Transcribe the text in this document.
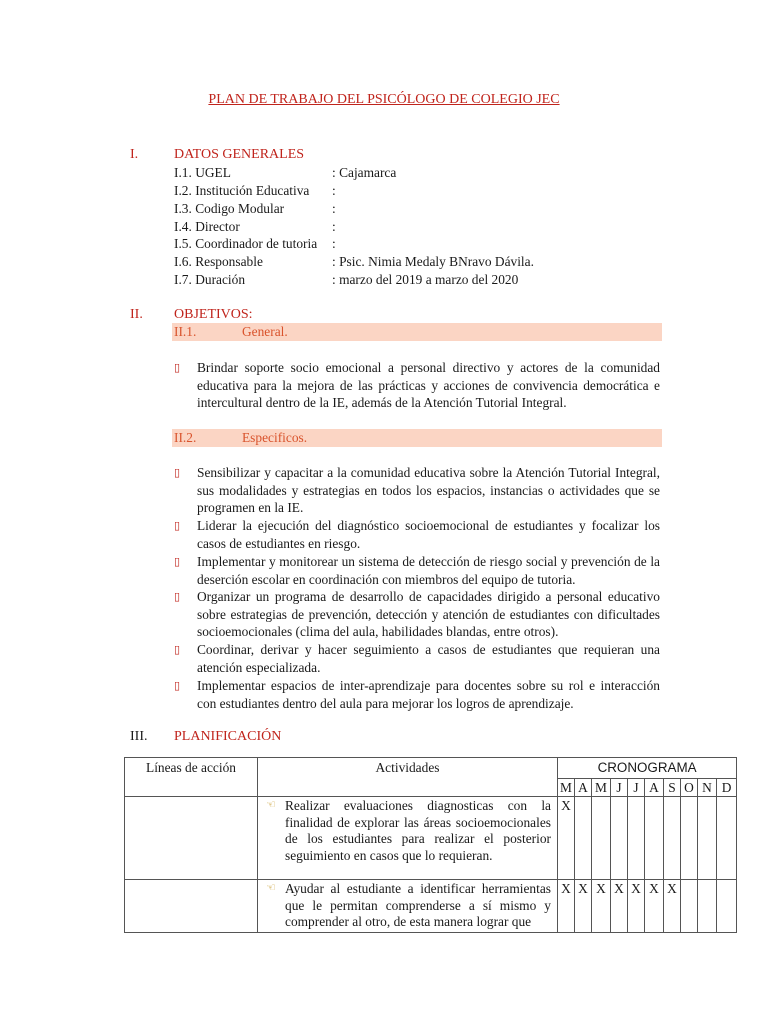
PLAN DE TRABAJO DEL PSICÓLOGO DE COLEGIO JEC
I.	DATOS GENERALES
I.1. UGEL	: Cajamarca
I.2. Institución Educativa :
I.3. Codigo Modular	:
I.4. Director	:
I.5. Coordinador de tutoria :
I.6. Responsable	: Psic. Nimia Medaly BNravo Dávila.
I.7. Duración	: marzo del 2019 a marzo del 2020
II. OBJETIVOS:
II.1.	General.
▯ Brindar soporte socio emocional a personal directivo y actores de la comunidad educativa para la mejora de las prácticas y acciones de convivencia democrática e intercultural dentro de la IE, además de la Atención Tutorial Integral.
II.2.	Especificos.
▯ Sensibilizar y capacitar a la comunidad educativa sobre la Atención Tutorial Integral, sus modalidades y estrategias en todos los espacios, instancias o actividades que se programen en la IE.
▯ Liderar la ejecución del diagnóstico socioemocional de estudiantes y focalizar los casos de estudiantes en riesgo.
▯ Implementar y monitorear un sistema de detección de riesgo social y prevención de la deserción escolar en coordinación con miembros del equipo de tutoria.
▯ Organizar un programa de desarrollo de capacidades dirigido a personal educativo sobre estrategias de prevención, detección y atención de estudiantes con dificultades socioemocionales (clima del aula, habilidades blandas, entre otros).
▯ Coordinar, derivar y hacer seguimiento a casos de estudiantes que requieran una atención especializada.
▯ Implementar espacios de inter-aprendizaje para docentes sobre su rol e interacción con estudiantes dentro del aula para mejorar los logros de aprendizaje.
III. PLANIFICACIÓN
Líneas de acción	Actividades	CRONOGRAMA									
		M	A	M	J	J	A	S	O	N	D

	☜ Realizar evaluaciones diagnosticas con la finalidad de explorar las áreas socioemocionales de los estudiantes para realizar el posterior seguimiento en casos que lo requieran.	X									

	☜ Ayudar al estudiante a identificar herramientas que le permitan comprenderse a sí mismo y comprender al otro, de esta manera lograr que	X	X	X	X	X	X	X			
